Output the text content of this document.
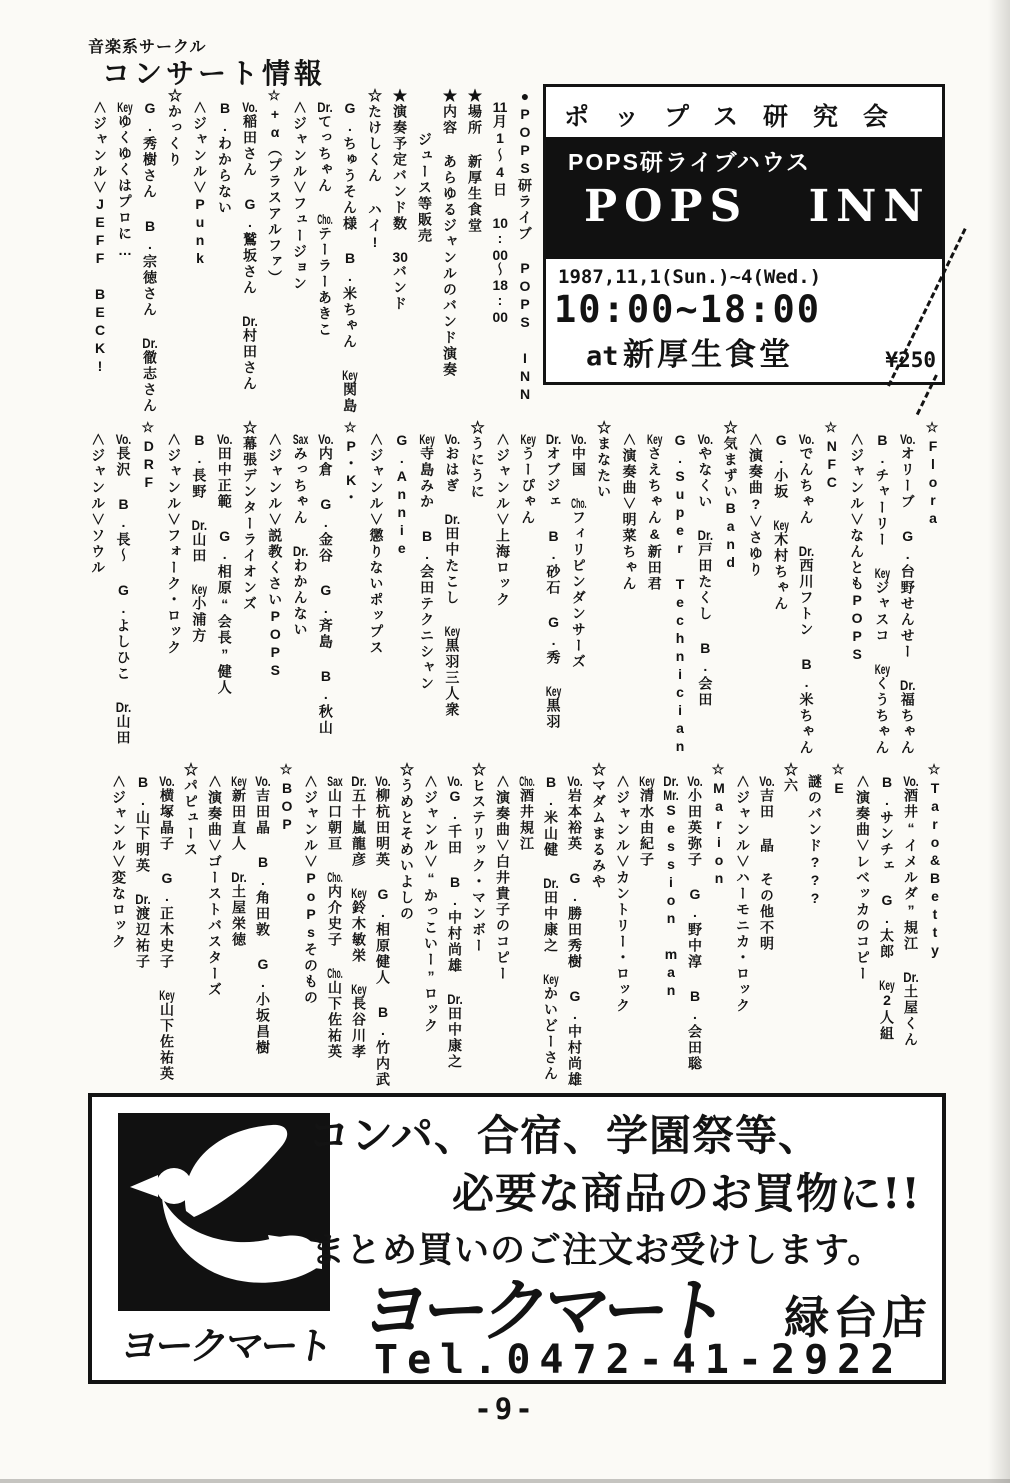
音楽系サークル
コンサート情報
ポップス研究会
POPS研ライブハウス
POPS INN
1987,11,1(Sun.)~4(Wed.)
10:00~18:00
at 新厚生食堂	¥250
●POPS研ライブ POPS INN
11月1〜4日 10:00〜18:00
★場所 新厚生食堂
★内容 あらゆるジャンルのバンド演奏
　　ジュース等販売
★演奏予定バンド数 30バンド
☆たけしくん ハイ!
G.ちゅうそん様 B.米ちゃん Key関島
Dr.てっちゃん Cho.テーラーあきこ
∧ジャンル∨フュージョン
☆+α（プラスアルファ）
Vo.稲田さん G.鷲坂さん Dr.村田さん
B.わからない
∧ジャンル∨Punk
☆かっくり
G.秀樹さん B.宗徳さん Dr.徹志さん
Keyゆくゆくはプロに…
∧ジャンル∨JEFF BECK!
☆Flora
Vo.オリーブ G.台野せんせー Dr.福ちゃん
B.チャーリー Keyジャスコ Keyくうちゃん
∧ジャンル∨なんともPOPS
☆NFC
Vo.でんちゃん Dr.西川フトン B.米ちゃん
G.小坂 Key木村ちゃん
∧演奏曲?∨さゆり
☆気まずいBand
Vo.やなくい Dr.戸田たくし B.会田
G.Super Technician
Keyさえちゃん&新田君
∧演奏曲∨明菜ちゃん
☆まなたい
Vo.中国 Cho.フィリピンダンサーズ
Dr.オブジェ B.砂石 G.秀 Key黒羽
Keyうーぴゃん
∧ジャンル∨上海ロック
☆うにうに
Vo.おはぎ Dr.田中たこし Key黒羽三人衆
Key寺島みか B.会田テクニシャン
G.Annie
∧ジャンル∨懲りないポップス
☆P・K・
Vo.内倉 G.金谷 G.斉島 B.秋山
Saxみっちゃん Dr.わかんない
∧ジャンル∨説教くさいPOPS
☆幕張デンターライオンズ
Vo.田中正範 G.相原“会長”健人
B.長野 Dr.山田 Key小浦方
∧ジャンル∨フォーク・ロック
☆DRF
Vo.長沢 B.長〜 G.よしひこ Dr.山田
∧ジャンル∨ソウル
☆Taro&Betty
Vo.酒井“イメルダ”規江 Dr.土屋くん
B.サンチェ G.太郎 Key2人組
∧演奏曲∨レベッカのコピー
☆E
謎のバンド???
☆六
Vo.吉田 晶 その他不明
∧ジャンル∨ハーモニカ・ロック
☆Marion
Vo.小田英弥子 G.野中淳 B.会田聡
Dr.Mr.Session man
Key清水由紀子
∧ジャンル∨カントリー・ロック
☆マダムまるみや
Vo.岩本裕英 G.勝田秀樹 G.中村尚雄
B.米山健 Dr.田中康之 Keyかいどーさん
Cho.酒井規江
∧演奏曲∨白井貴子のコピー
☆ヒステリック・マンボー
Vo.G.千田 B.中村尚雄 Dr.田中康之
∧ジャンル∨“かっこいー”ロック
☆うめとそめいよしの
Vo.柳杭田明英 G.相原健人 B.竹内武
Dr.五十嵐龍彦 Key鈴木敏栄 Key長谷川孝
Sax山口朝亘 Cho.内介史子 Cho.山下佐祐英
∧ジャンル∨PoPsそのもの
☆BOP
Vo.吉田晶 B.角田敦 G.小坂昌樹
Key新田直人 Dr.土屋栄徳
∧演奏曲∨ゴーストバスターズ
☆パピュース
Vo.横塚晶子 G.正木史子 Key山下佐祐英
B.山下明英 Dr.渡辺祐子
∧ジャンル∨変なロック
ヨークマート
コンパ、合宿、学園祭等、
必要な商品のお買物に!!
まとめ買いのご注文お受けします。
ヨークマート 緑台店
Tel.0472-41-2922
-9-
